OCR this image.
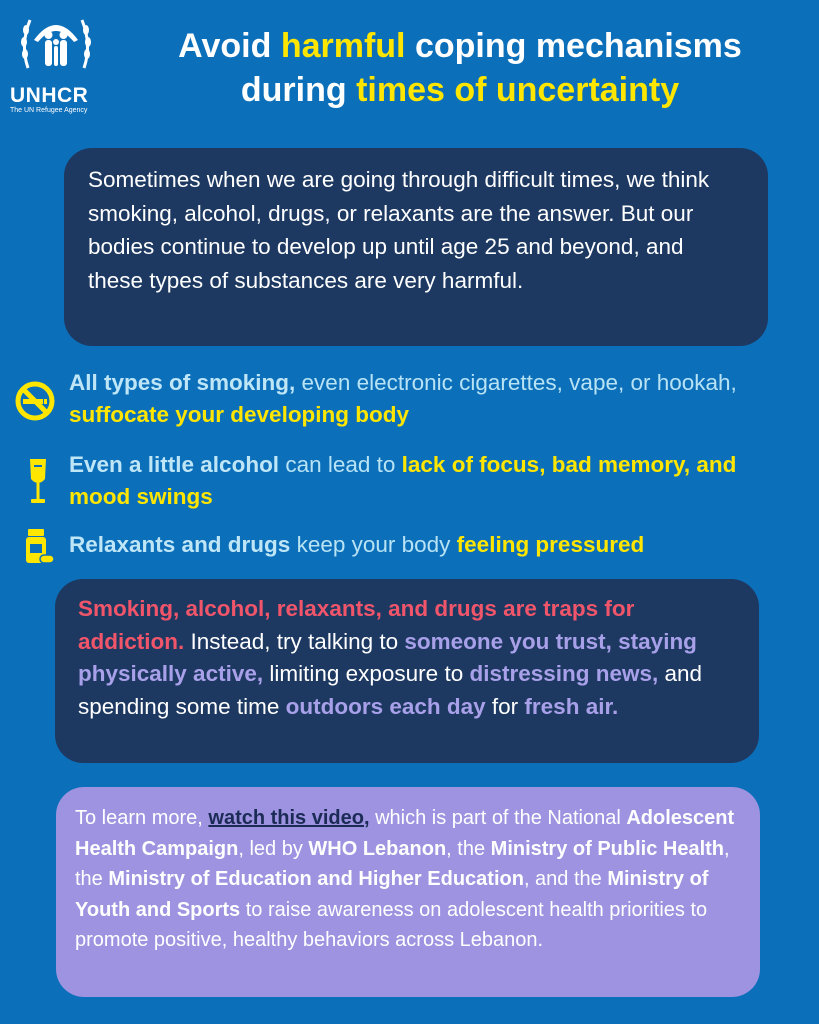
UNHCR
The UN Refugee Agency
Avoid harmful coping mechanisms
during times of uncertainty
Sometimes when we are going through difficult times, we think smoking, alcohol, drugs, or relaxants are the answer. But our bodies continue to develop up until age 25 and beyond, and these types of substances are very harmful.
All types of smoking, even electronic cigarettes, vape, or hookah, suffocate your developing body
Even a little alcohol can lead to lack of focus, bad memory, and mood swings
Relaxants and drugs keep your body feeling pressured
Smoking, alcohol, relaxants, and drugs are traps for addiction. Instead, try talking to someone you trust, staying physically active, limiting exposure to distressing news, and spending some time outdoors each day for fresh air.
To learn more, watch this video, which is part of the National Adolescent Health Campaign, led by WHO Lebanon, the Ministry of Public Health, the Ministry of Education and Higher Education, and the Ministry of Youth and Sports to raise awareness on adolescent health priorities to promote positive, healthy behaviors across Lebanon.
